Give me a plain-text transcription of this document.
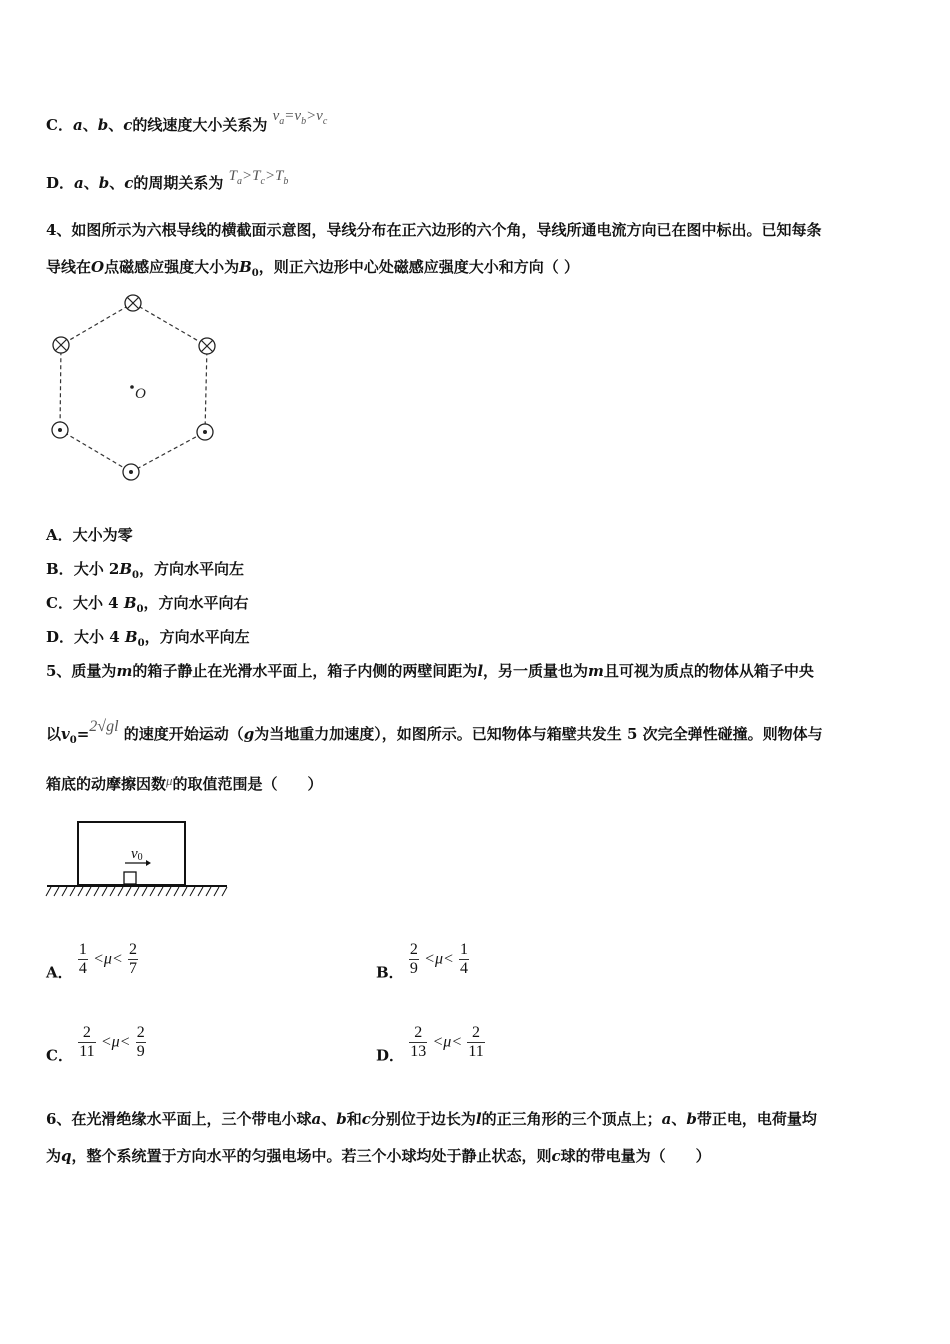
C．a、b、c的线速度大小关系为 $v_a=v_b>v_c$
D．a、b、c的周期关系为 $T_a>T_c>T_b$
4、如图所示为六根导线的横截面示意图，导线分布在正六边形的六个角，导线所通电流方向已在图中标出。已知每条
导线在O点磁感应强度大小为$B_0$，则正六边形中心处磁感应强度大小和方向（ ）
O
A．大小为零
B．大小 $2B_0$，方向水平向左
C．大小 4 $B_0$，方向水平向右
D．大小 4 $B_0$，方向水平向左
5、质量为m的箱子静止在光滑水平面上，箱子内侧的两壁间距为l，另一质量也为m且可视为质点的物体从箱子中央
以$v_0=2√gl$ 的速度开始运动（g为当地重力加速度），如图所示。已知物体与箱壁共发生 5 次完全弹性碰撞。则物体与
箱底的动摩擦因数μ的取值范围是（　　）
v0
A． $\frac{1}{4} <\mu< \frac{2}{7}$	B． $\frac{2}{9} <\mu< \frac{1}{4}$
C． $\frac{2}{11} <\mu< \frac{2}{9}$	D． $\frac{2}{13} <\mu< \frac{2}{11}$
6、在光滑绝缘水平面上，三个带电小球a、b和c分别位于边长为l的正三角形的三个顶点上；a、b带正电，电荷量均
为q，整个系统置于方向水平的匀强电场中。若三个小球均处于静止状态，则c球的带电量为（　　）
